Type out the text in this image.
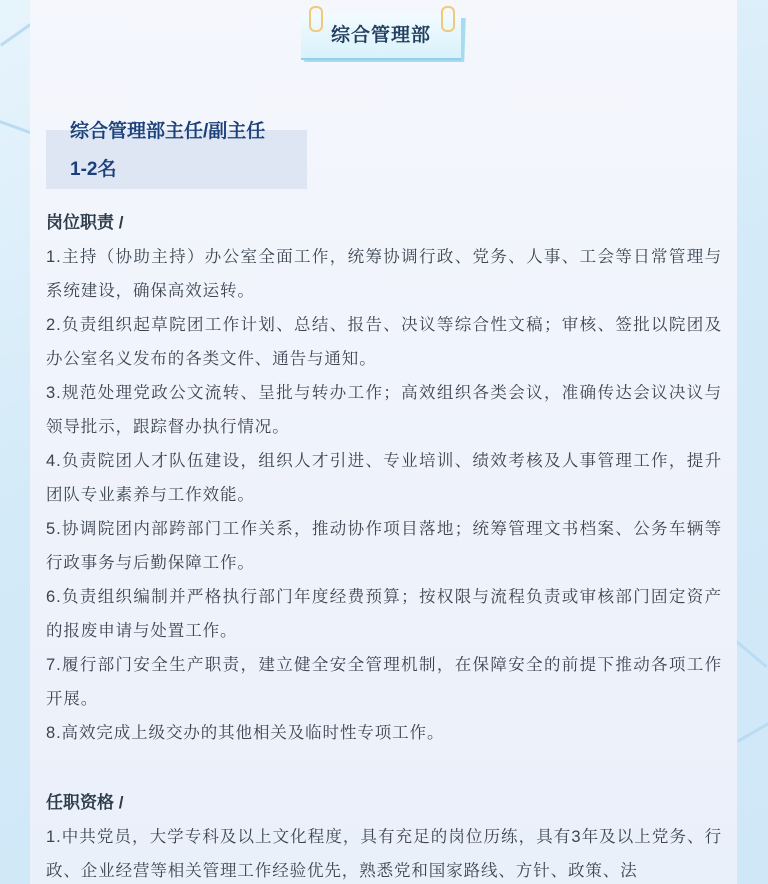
综合管理部
综合管理部主任/副主任
1-2名
岗位职责 /
1.主持（协助主持）办公室全面工作，统筹协调行政、党务、人事、工会等日常管理与系统建设，确保高效运转。
2.负责组织起草院团工作计划、总结、报告、决议等综合性文稿；审核、签批以院团及办公室名义发布的各类文件、通告与通知。
3.规范处理党政公文流转、呈批与转办工作；高效组织各类会议，准确传达会议决议与领导批示，跟踪督办执行情况。
4.负责院团人才队伍建设，组织人才引进、专业培训、绩效考核及人事管理工作，提升团队专业素养与工作效能。
5.协调院团内部跨部门工作关系，推动协作项目落地；统筹管理文书档案、公务车辆等行政事务与后勤保障工作。
6.负责组织编制并严格执行部门年度经费预算；按权限与流程负责或审核部门固定资产的报废申请与处置工作。
7.履行部门安全生产职责，建立健全安全管理机制，在保障安全的前提下推动各项工作开展。
8.高效完成上级交办的其他相关及临时性专项工作。
任职资格 /
1.中共党员，大学专科及以上文化程度，具有充足的岗位历练，具有3年及以上党务、行政、企业经营等相关管理工作经验优先，熟悉党和国家路线、方针、政策、法
